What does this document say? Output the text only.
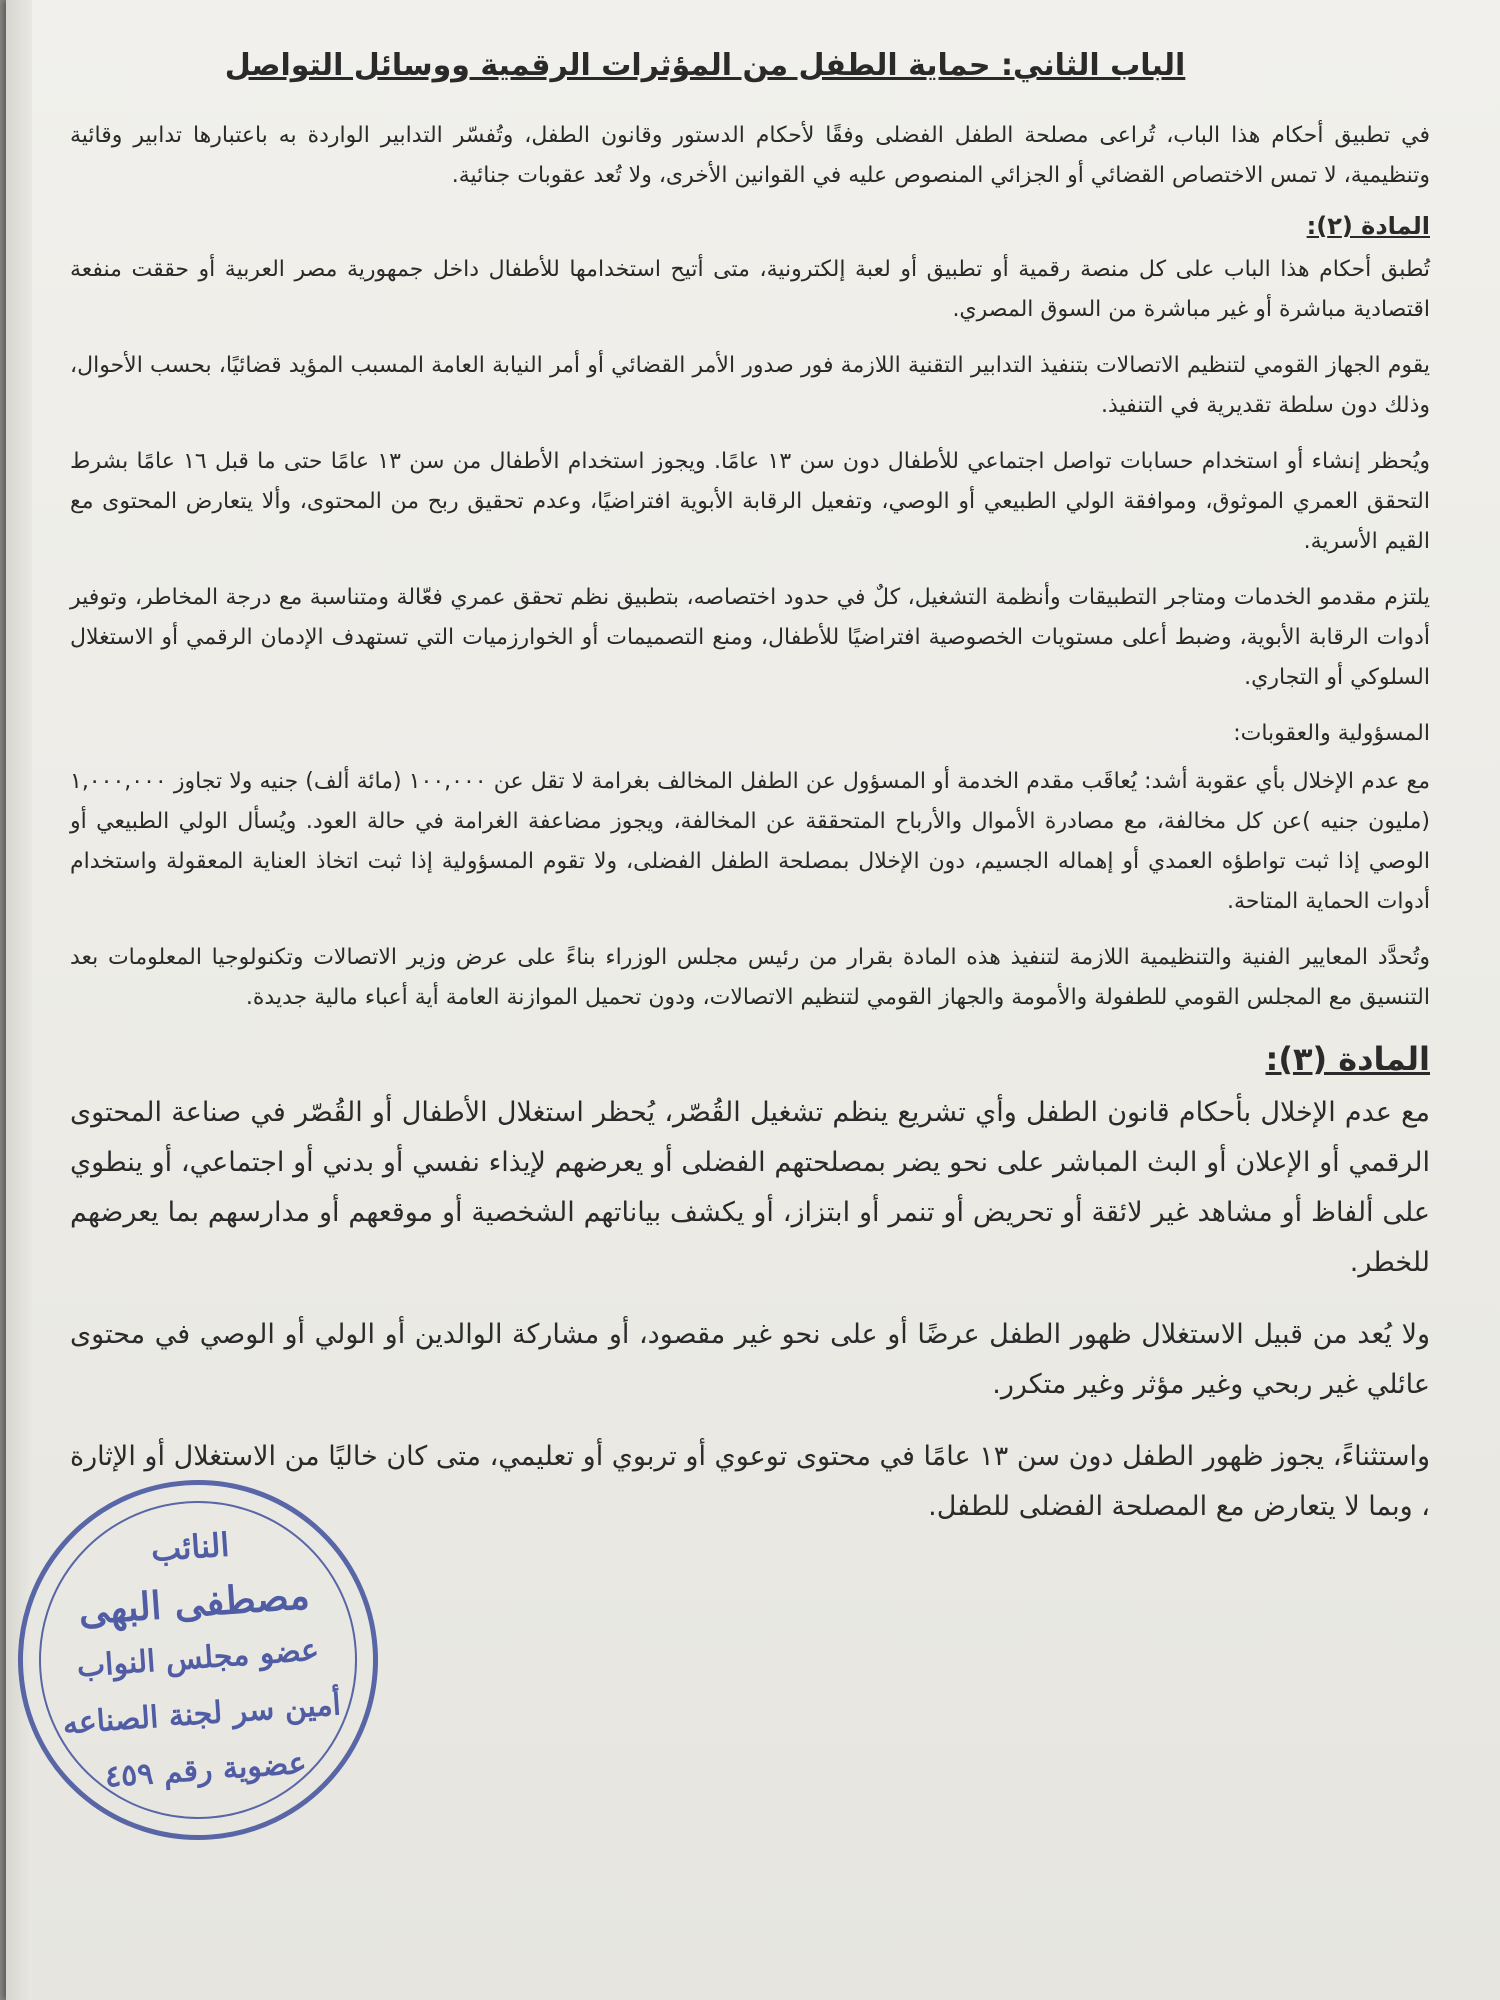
الباب الثاني: حماية الطفل من المؤثرات الرقمية ووسائل التواصل

في تطبيق أحكام هذا الباب، تُراعى مصلحة الطفل الفضلى وفقًا لأحكام الدستور وقانون الطفل، وتُفسّر التدابير الواردة به باعتبارها تدابير وقائية وتنظيمية، لا تمس الاختصاص القضائي أو الجزائي المنصوص عليه في القوانين الأخرى، ولا تُعد عقوبات جنائية.

المادة (٢):

تُطبق أحكام هذا الباب على كل منصة رقمية أو تطبيق أو لعبة إلكترونية، متى أتيح استخدامها للأطفال داخل جمهورية مصر العربية أو حققت منفعة اقتصادية مباشرة أو غير مباشرة من السوق المصري.

يقوم الجهاز القومي لتنظيم الاتصالات بتنفيذ التدابير التقنية اللازمة فور صدور الأمر القضائي أو أمر النيابة العامة المسبب المؤيد قضائيًا، بحسب الأحوال، وذلك دون سلطة تقديرية في التنفيذ.

ويُحظر إنشاء أو استخدام حسابات تواصل اجتماعي للأطفال دون سن ١٣ عامًا. ويجوز استخدام الأطفال من سن ١٣ عامًا حتى ما قبل ١٦ عامًا بشرط التحقق العمري الموثوق، وموافقة الولي الطبيعي أو الوصي، وتفعيل الرقابة الأبوية افتراضيًا، وعدم تحقيق ربح من المحتوى، وألا يتعارض المحتوى مع القيم الأسرية.

يلتزم مقدمو الخدمات ومتاجر التطبيقات وأنظمة التشغيل، كلٌ في حدود اختصاصه، بتطبيق نظم تحقق عمري فعّالة ومتناسبة مع درجة المخاطر، وتوفير أدوات الرقابة الأبوية، وضبط أعلى مستويات الخصوصية افتراضيًا للأطفال، ومنع التصميمات أو الخوارزميات التي تستهدف الإدمان الرقمي أو الاستغلال السلوكي أو التجاري.

المسؤولية والعقوبات:

مع عدم الإخلال بأي عقوبة أشد: يُعاقَب مقدم الخدمة أو المسؤول عن الطفل المخالف بغرامة لا تقل عن ١٠٠,٠٠٠ (مائة ألف) جنيه ولا تجاوز ١,٠٠٠,٠٠٠ (مليون جنيه )عن كل مخالفة، مع مصادرة الأموال والأرباح المتحققة عن المخالفة، ويجوز مضاعفة الغرامة في حالة العود. ويُسأل الولي الطبيعي أو الوصي إذا ثبت تواطؤه العمدي أو إهماله الجسيم، دون الإخلال بمصلحة الطفل الفضلى، ولا تقوم المسؤولية إذا ثبت اتخاذ العناية المعقولة واستخدام أدوات الحماية المتاحة.

وتُحدَّد المعايير الفنية والتنظيمية اللازمة لتنفيذ هذه المادة بقرار من رئيس مجلس الوزراء بناءً على عرض وزير الاتصالات وتكنولوجيا المعلومات بعد التنسيق مع المجلس القومي للطفولة والأمومة والجهاز القومي لتنظيم الاتصالات، ودون تحميل الموازنة العامة أية أعباء مالية جديدة.

المادة (٣):

مع عدم الإخلال بأحكام قانون الطفل وأي تشريع ينظم تشغيل القُصّر، يُحظر استغلال الأطفال أو القُصّر في صناعة المحتوى الرقمي أو الإعلان أو البث المباشر على نحو يضر بمصلحتهم الفضلى أو يعرضهم لإيذاء نفسي أو بدني أو اجتماعي، أو ينطوي على ألفاظ أو مشاهد غير لائقة أو تحريض أو تنمر أو ابتزاز، أو يكشف بياناتهم الشخصية أو موقعهم أو مدارسهم بما يعرضهم للخطر.

ولا يُعد من قبيل الاستغلال ظهور الطفل عرضًا أو على نحو غير مقصود، أو مشاركة الوالدين أو الولي أو الوصي في محتوى عائلي غير ربحي وغير مؤثر وغير متكرر.

واستثناءً، يجوز ظهور الطفل دون سن ١٣ عامًا في محتوى توعوي أو تربوي أو تعليمي، متى كان خاليًا من الاستغلال أو الإثارة ، وبما لا يتعارض مع المصلحة الفضلى للطفل.

النائب
مصطفى البهى
عضو مجلس النواب
أمين سر لجنة الصناعه
عضوية رقم ٤٥٩
